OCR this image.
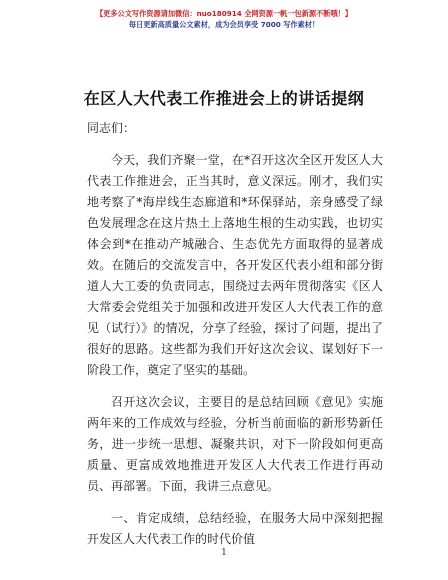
【更多公文写作资源请加微信：nuo180914 全网资源一帆一包新源不断哦！】
每日更新高质量公文素材，成为会员享受 7000 写作素材！
在区人大代表工作推进会上的讲话提纲

同志们：

今天，我们齐聚一堂，在*召开这次全区开发区人大代表工作推进会，正当其时，意义深远。刚才，我们实地考察了*海岸线生态廊道和*环保驿站，亲身感受了绿色发展理念在这片热土上落地生根的生动实践，也切实体会到*在推动产城融合、生态优先方面取得的显著成效。在随后的交流发言中，各开发区代表小组和部分街道人大工委的负责同志，围绕过去两年贯彻落实《区人大常委会党组关于加强和改进开发区人大代表工作的意见（试行）》的情况，分享了经验，探讨了问题，提出了很好的思路。这些都为我们开好这次会议、谋划好下一阶段工作，奠定了坚实的基础。

召开这次会议，主要目的是总结回顾《意见》实施两年来的工作成效与经验，分析当前面临的新形势新任务，进一步统一思想、凝聚共识，对下一阶段如何更高质量、更富成效地推进开发区人大代表工作进行再动员、再部署。下面，我讲三点意见。

一、肯定成绩，总结经验，在服务大局中深刻把握开发区人大代表工作的时代价值

1
